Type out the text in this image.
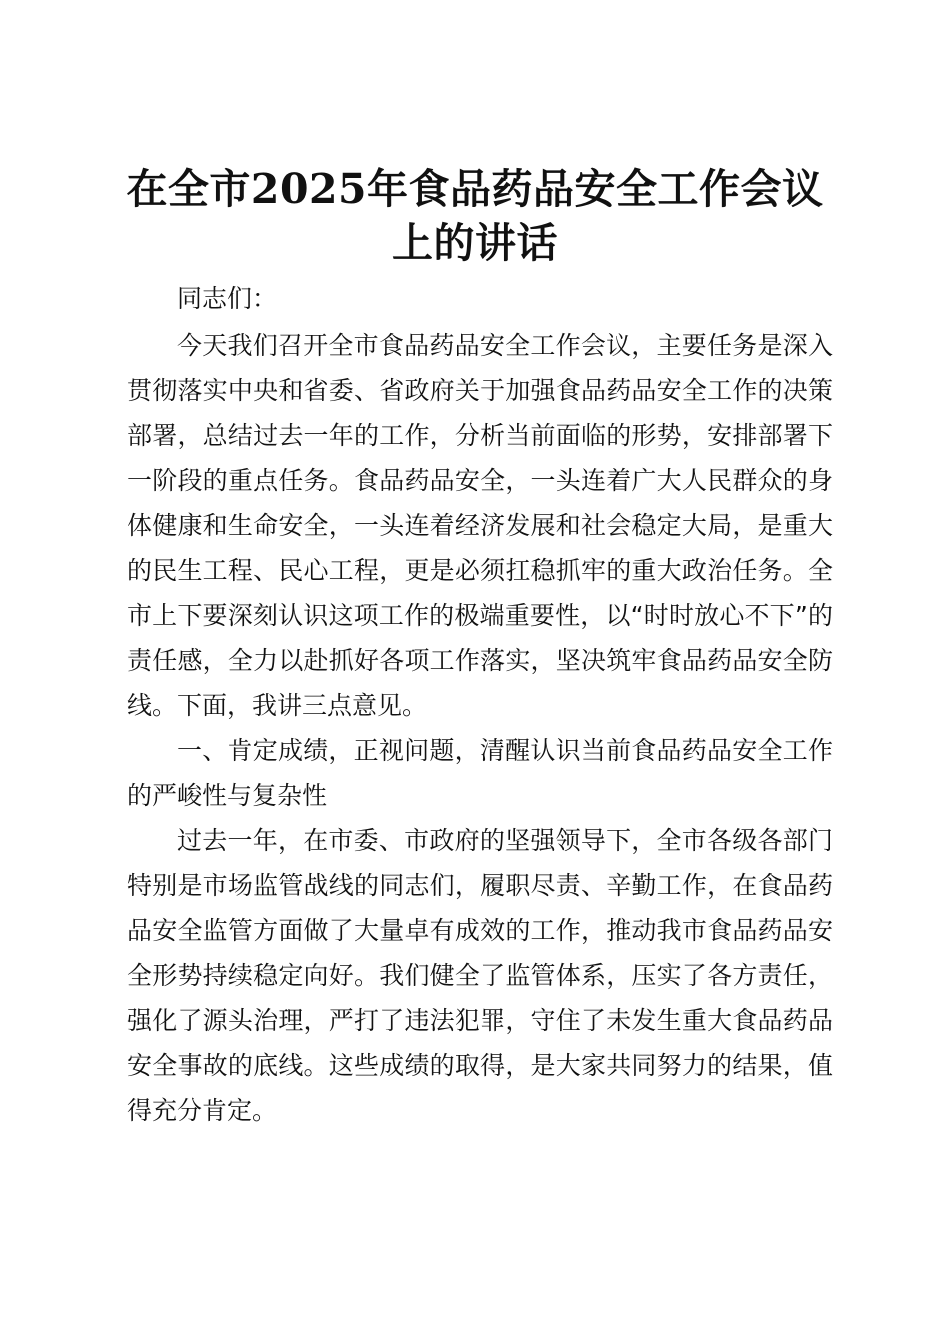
在全市2025年食品药品安全工作会议上的讲话

同志们：

今天我们召开全市食品药品安全工作会议，主要任务是深入贯彻落实中央和省委、省政府关于加强食品药品安全工作的决策部署，总结过去一年的工作，分析当前面临的形势，安排部署下一阶段的重点任务。食品药品安全，一头连着广大人民群众的身体健康和生命安全，一头连着经济发展和社会稳定大局，是重大的民生工程、民心工程，更是必须扛稳抓牢的重大政治任务。全市上下要深刻认识这项工作的极端重要性，以“时时放心不下”的责任感，全力以赴抓好各项工作落实，坚决筑牢食品药品安全防线。下面，我讲三点意见。

一、肯定成绩，正视问题，清醒认识当前食品药品安全工作的严峻性与复杂性

过去一年，在市委、市政府的坚强领导下，全市各级各部门特别是市场监管战线的同志们，履职尽责、辛勤工作，在食品药品安全监管方面做了大量卓有成效的工作，推动我市食品药品安全形势持续稳定向好。我们健全了监管体系，压实了各方责任，强化了源头治理，严打了违法犯罪，守住了未发生重大食品药品安全事故的底线。这些成绩的取得，是大家共同努力的结果，值得充分肯定。
